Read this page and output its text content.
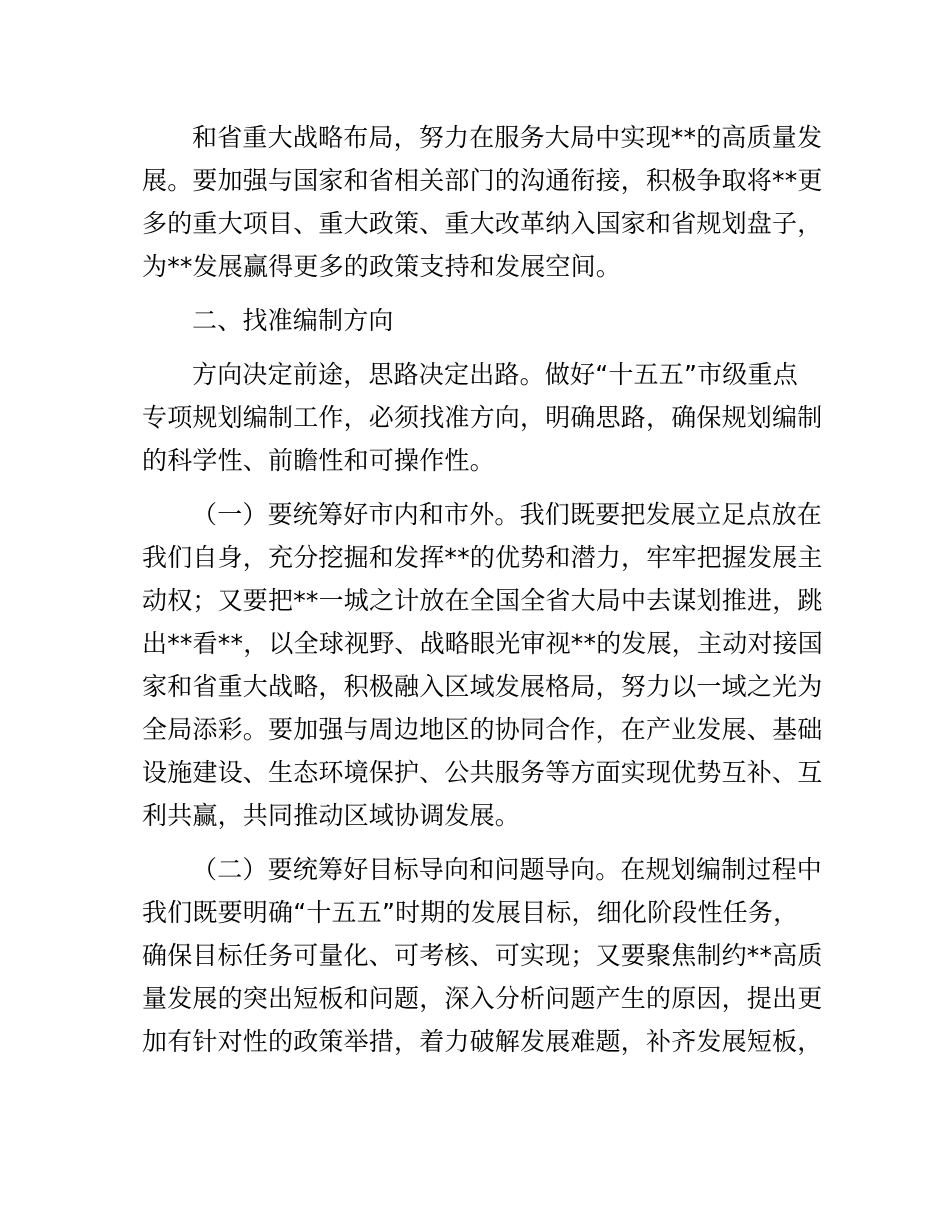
和省重大战略布局，努力在服务大局中实现**的高质量发
展。要加强与国家和省相关部门的沟通衔接，积极争取将**更
多的重大项目、重大政策、重大改革纳入国家和省规划盘子，
为**发展赢得更多的政策支持和发展空间。
二、找准编制方向
方向决定前途，思路决定出路。做好“十五五”市级重点
专项规划编制工作，必须找准方向，明确思路，确保规划编制
的科学性、前瞻性和可操作性。
（一）要统筹好市内和市外。我们既要把发展立足点放在
我们自身，充分挖掘和发挥**的优势和潜力，牢牢把握发展主
动权；又要把**一城之计放在全国全省大局中去谋划推进，跳
出**看**，以全球视野、战略眼光审视**的发展，主动对接国
家和省重大战略，积极融入区域发展格局，努力以一域之光为
全局添彩。要加强与周边地区的协同合作，在产业发展、基础
设施建设、生态环境保护、公共服务等方面实现优势互补、互
利共赢，共同推动区域协调发展。
（二）要统筹好目标导向和问题导向。在规划编制过程中
我们既要明确“十五五”时期的发展目标，细化阶段性任务，
确保目标任务可量化、可考核、可实现；又要聚焦制约**高质
量发展的突出短板和问题，深入分析问题产生的原因，提出更
加有针对性的政策举措，着力破解发展难题，补齐发展短板，
